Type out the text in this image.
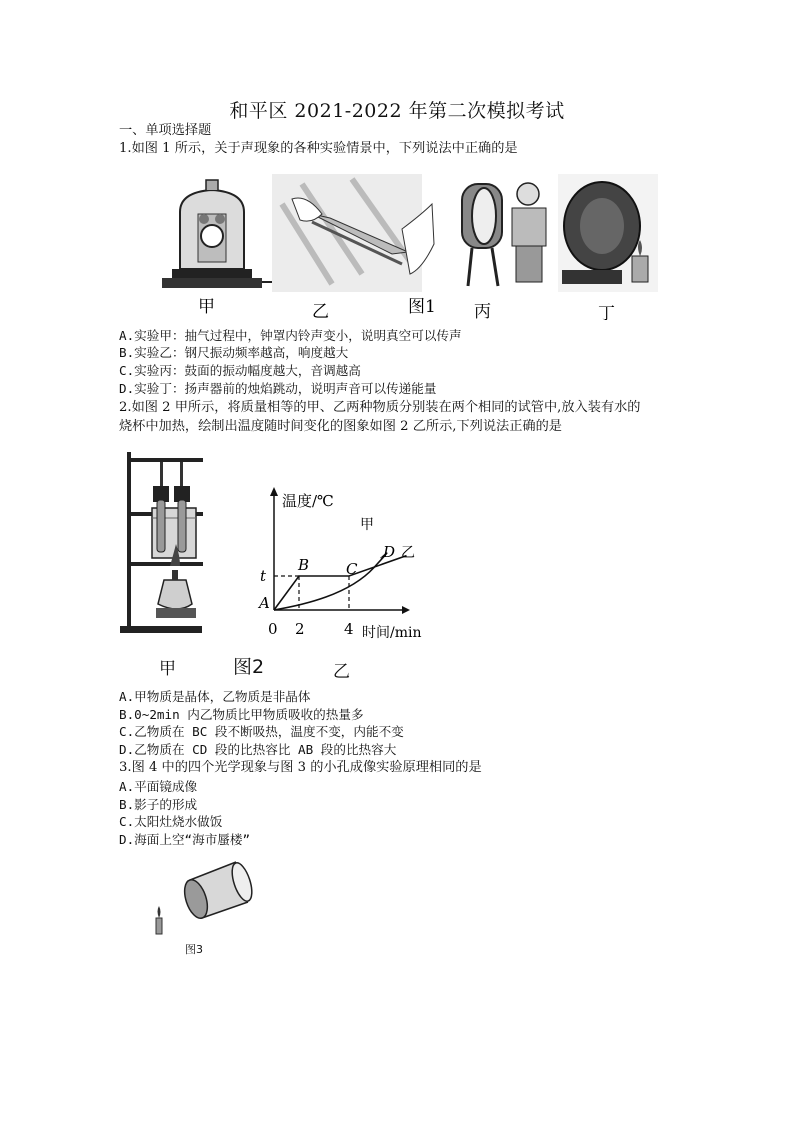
和平区 2021-2022 年第二次模拟考试
一、单项选择题
1.如图 1 所示，关于声现象的各种实验情景中，下列说法中正确的是
甲	乙	图1 丙	丁
A.实验甲：抽气过程中，钟罩内铃声变小，说明真空可以传声
B.实验乙：钢尺振动频率越高，响度越大
C.实验丙：鼓面的振动幅度越大，音调越高
D.实验丁：扬声器前的烛焰跳动，说明声音可以传递能量
2.如图 2 甲所示，将质量相等的甲、乙两种物质分别装在两个相同的试管中,放入装有水的
烧杯中加热，绘制出温度随时间变化的图象如图 2 乙所示,下列说法正确的是
温度/℃
时间/min
0 2	4
t
A
B C
D
甲
乙
甲	图2	乙
A.甲物质是晶体，乙物质是非晶体
B.0~2min 内乙物质比甲物质吸收的热量多
C.乙物质在 BC 段不断吸热，温度不变，内能不变
D.乙物质在 CD 段的比热容比 AB 段的比热容大
3.图 4 中的四个光学现象与图 3 的小孔成像实验原理相同的是
A.平面镜成像
B.影子的形成
C.太阳灶烧水做饭
D.海面上空“海市蜃楼”
图3
